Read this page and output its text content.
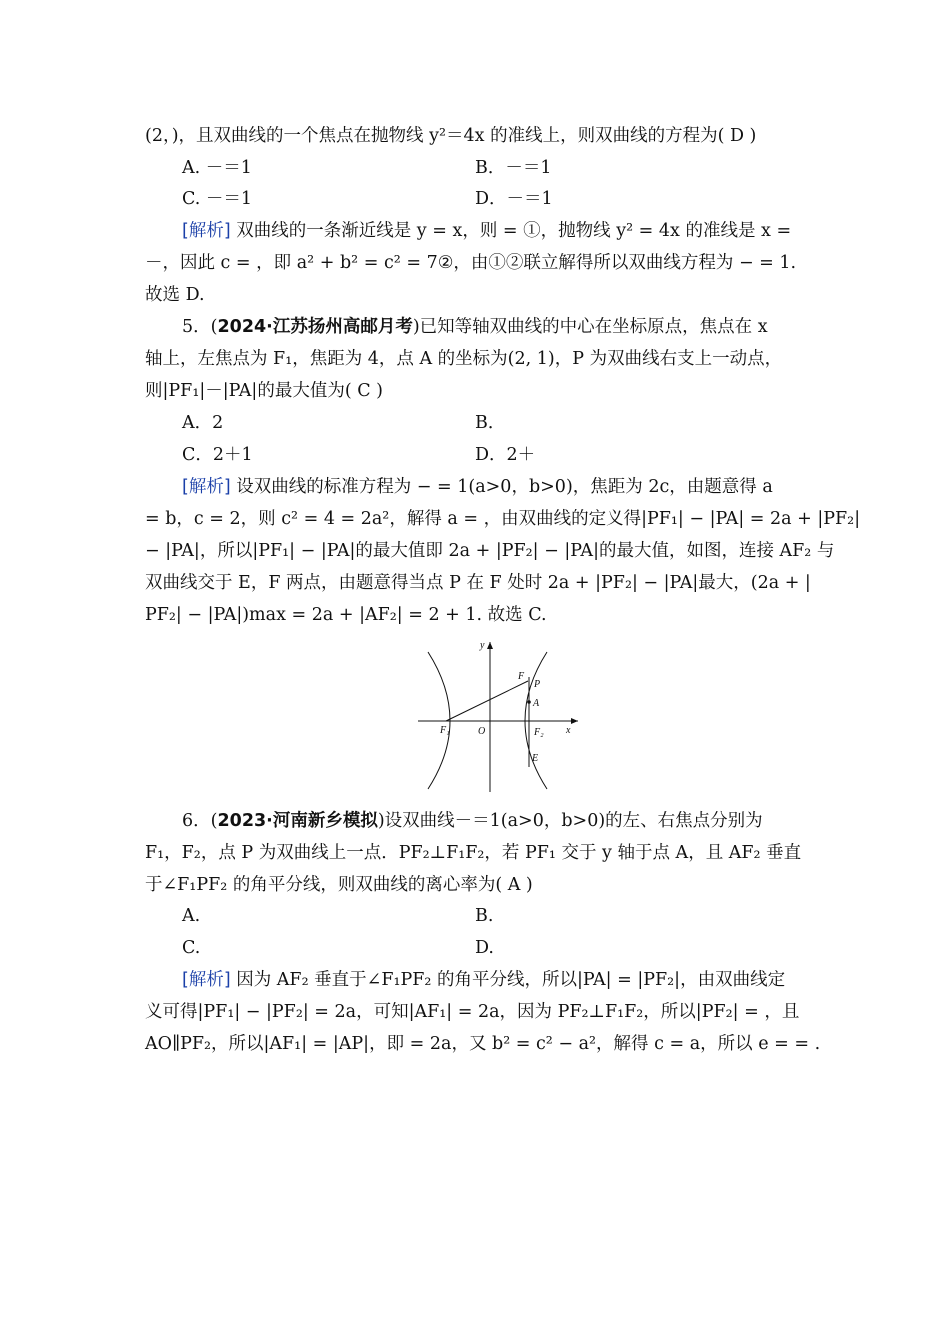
(2，)，且双曲线的一个焦点在抛物线 y²＝4x 的准线上，则双曲线的方程为( D )
A. －＝1	B．－＝1
C. －＝1	D．－＝1
[解析] 双曲线的一条渐近线是 y = x，则 = ①，抛物线 y² = 4x 的准线是 x =
－，因此 c = ，即 a² + b² = c² = 7②，由①②联立解得所以双曲线方程为 − = 1.
故选 D.
5．(2024·江苏扬州高邮月考)已知等轴双曲线的中心在坐标原点，焦点在 x
轴上，左焦点为 F₁，焦距为 4，点 A 的坐标为(2, 1)，P 为双曲线右支上一动点，
则|PF₁|－|PA|的最大值为( C )
A．2	B．
C．2＋1	D．2＋
[解析] 设双曲线的标准方程为 − = 1(a>0，b>0)，焦距为 2c，由题意得 a
= b，c = 2，则 c² = 4 = 2a²，解得 a = ，由双曲线的定义得|PF₁| − |PA| = 2a + |PF₂|
− |PA|，所以|PF₁| − |PA|的最大值即 2a + |PF₂| − |PA|的最大值，如图，连接 AF₂ 与
双曲线交于 E，F 两点，由题意得当点 P 在 F 处时 2a + |PF₂| − |PA|最大，(2a + |
PF₂| − |PA|)max = 2a + |AF₂| = 2 + 1. 故选 C.
y
x
O
F
P
A
F₁	F₂
E
6．(2023·河南新乡模拟)设双曲线－＝1(a>0，b>0)的左、右焦点分别为
F₁，F₂，点 P 为双曲线上一点．PF₂⊥F₁F₂，若 PF₁ 交于 y 轴于点 A，且 AF₂ 垂直
于∠F₁PF₂ 的角平分线，则双曲线的离心率为( A )
A.	B.
C.	D.
[解析] 因为 AF₂ 垂直于∠F₁PF₂ 的角平分线，所以|PA| = |PF₂|，由双曲线定
义可得|PF₁| − |PF₂| = 2a，可知|AF₁| = 2a，因为 PF₂⊥F₁F₂，所以|PF₂| = ，且
AO∥PF₂，所以|AF₁| = |AP|，即 = 2a，又 b² = c² − a²，解得 c = a，所以 e = = .
